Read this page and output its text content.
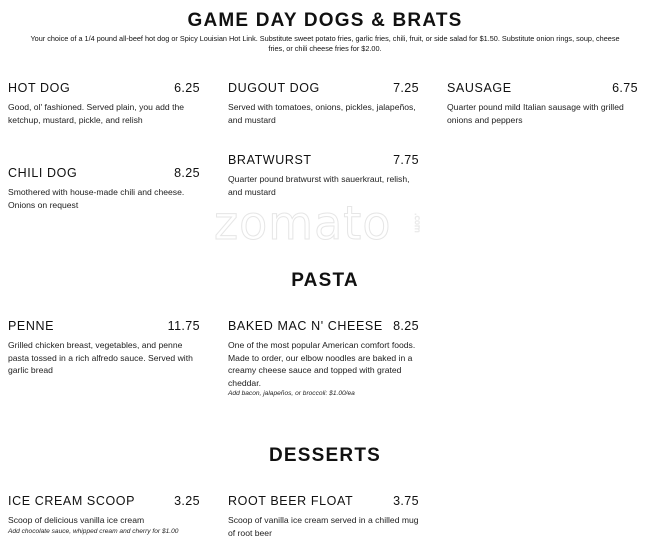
zomato	.com
GAME DAY DOGS & BRATS
Your choice of a 1/4 pound all-beef hot dog or Spicy Louisian Hot Link. Substitute sweet potato fries, garlic fries, chili, fruit, or side salad for $1.50. Substitute onion rings, soup, cheese
fries, or chili cheese fries for $2.00.
HOT DOG	6.25
Good, ol' fashioned. Served plain, you add the ketchup, mustard, pickle, and relish
DUGOUT DOG	7.25
Served with tomatoes, onions, pickles, jalapeños, and mustard
SAUSAGE	6.75
Quarter pound mild Italian sausage with grilled onions and peppers
CHILI DOG	8.25
Smothered with house-made chili and cheese. Onions on request
BRATWURST	7.75
Quarter pound bratwurst with sauerkraut, relish, and mustard
PASTA
PENNE	11.75
Grilled chicken breast, vegetables, and penne pasta tossed in a rich alfredo sauce. Served with garlic bread
BAKED MAC N' CHEESE 8.25
One of the most popular American comfort foods. Made to order, our elbow noodles are baked in a creamy cheese sauce and topped with grated cheddar.
Add bacon, jalapeños, or broccoli: $1.00/ea
DESSERTS
ICE CREAM SCOOP	3.25
Scoop of delicious vanilla ice cream
Add chocolate sauce, whipped cream and cherry for $1.00
ROOT BEER FLOAT	3.75
Scoop of vanilla ice cream served in a chilled mug of root beer
